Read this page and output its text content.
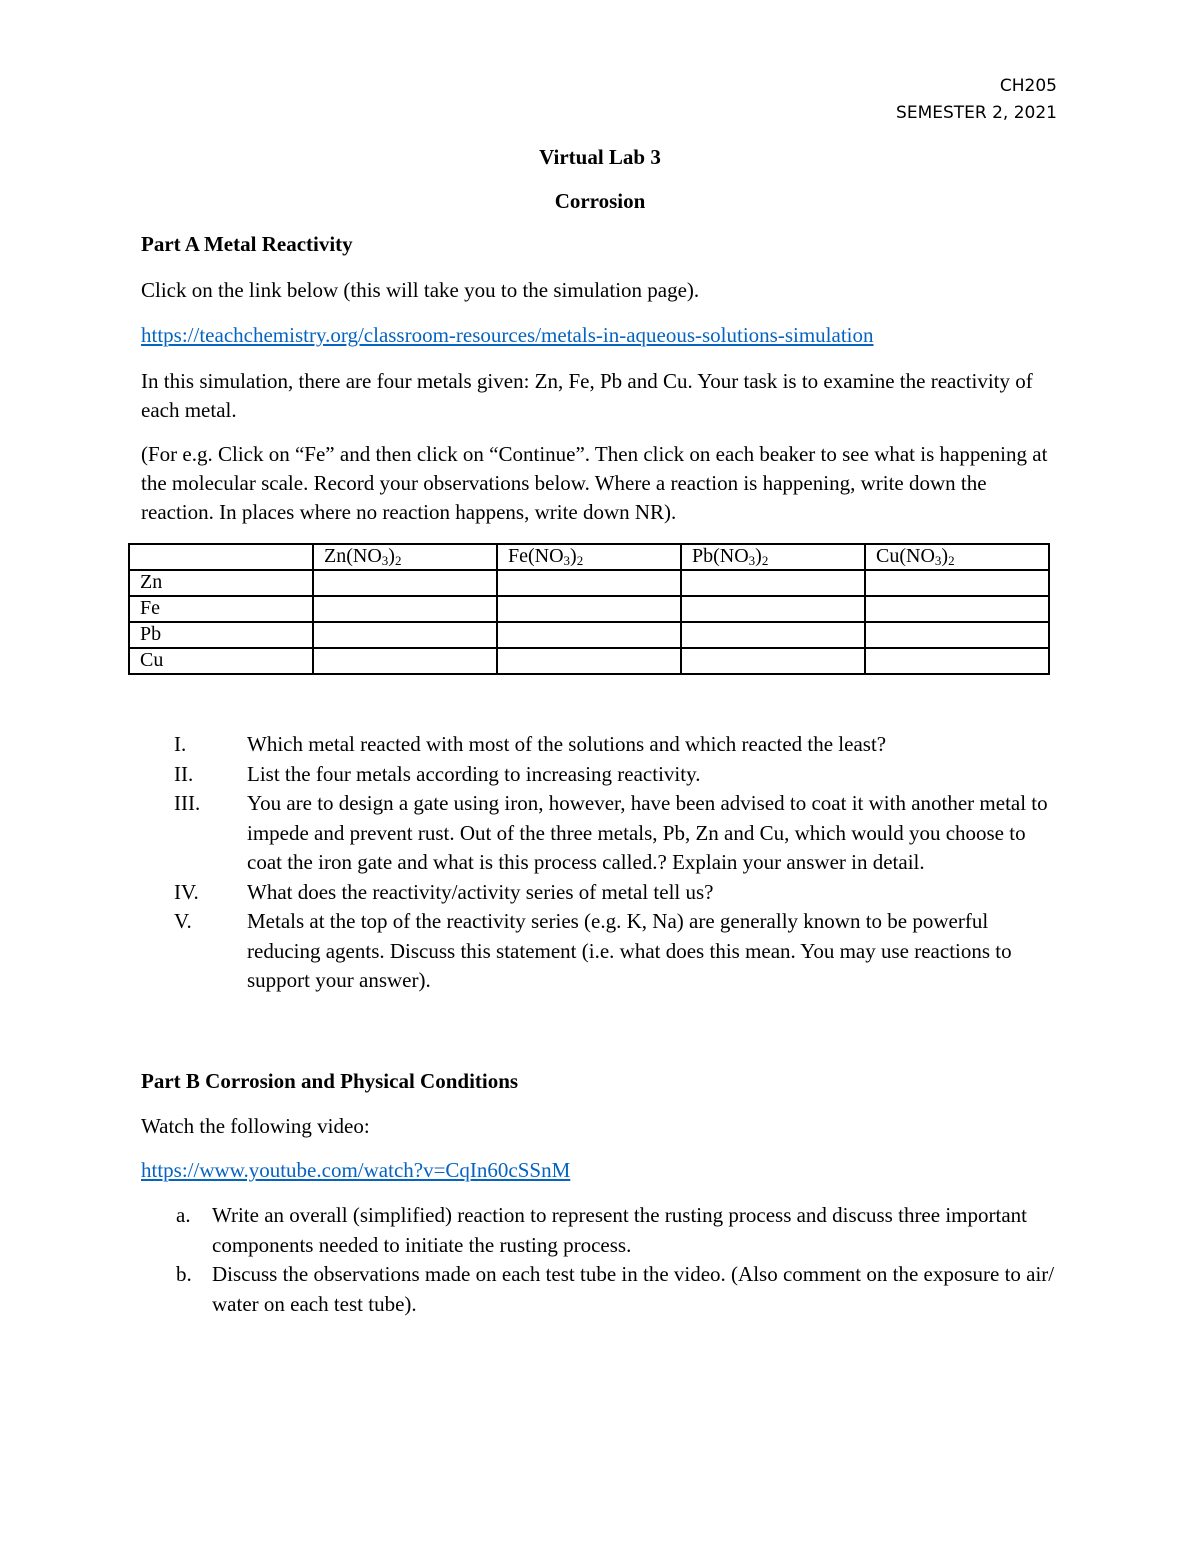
CH205
SEMESTER 2, 2021
Virtual Lab 3
Corrosion
Part A Metal Reactivity
Click on the link below (this will take you to the simulation page).
https://teachchemistry.org/classroom-resources/metals-in-aqueous-solutions-simulation
In this simulation, there are four metals given: Zn, Fe, Pb and Cu. Your task is to examine the reactivity of each metal.
(For e.g. Click on “Fe” and then click on “Continue”. Then click on each beaker to see what is happening at the molecular scale. Record your observations below. Where a reaction is happening, write down the reaction. In places where no reaction happens, write down NR).
	$Zn(NO_3)_2$	$Fe(NO_3)_2$	$Pb(NO_3)_2$	$Cu(NO_3)_2$
Zn				
Fe				
Pb				
Cu				
I.	Which metal reacted with most of the solutions and which reacted the least?
II.	List the four metals according to increasing reactivity.
III. You are to design a gate using iron, however, have been advised to coat it with another metal to impede and prevent rust. Out of the three metals, Pb, Zn and Cu, which would you choose to coat the iron gate and what is this process called.? Explain your answer in detail.
IV. What does the reactivity/activity series of metal tell us?
V.	Metals at the top of the reactivity series (e.g. K, Na) are generally known to be powerful reducing agents. Discuss this statement (i.e. what does this mean. You may use reactions to support your answer).
Part B Corrosion and Physical Conditions
Watch the following video:
https://www.youtube.com/watch?v=CqIn60cSSnM
a. Write an overall (simplified) reaction to represent the rusting process and discuss three important components needed to initiate the rusting process.
b. Discuss the observations made on each test tube in the video. (Also comment on the exposure to air/ water on each test tube).
